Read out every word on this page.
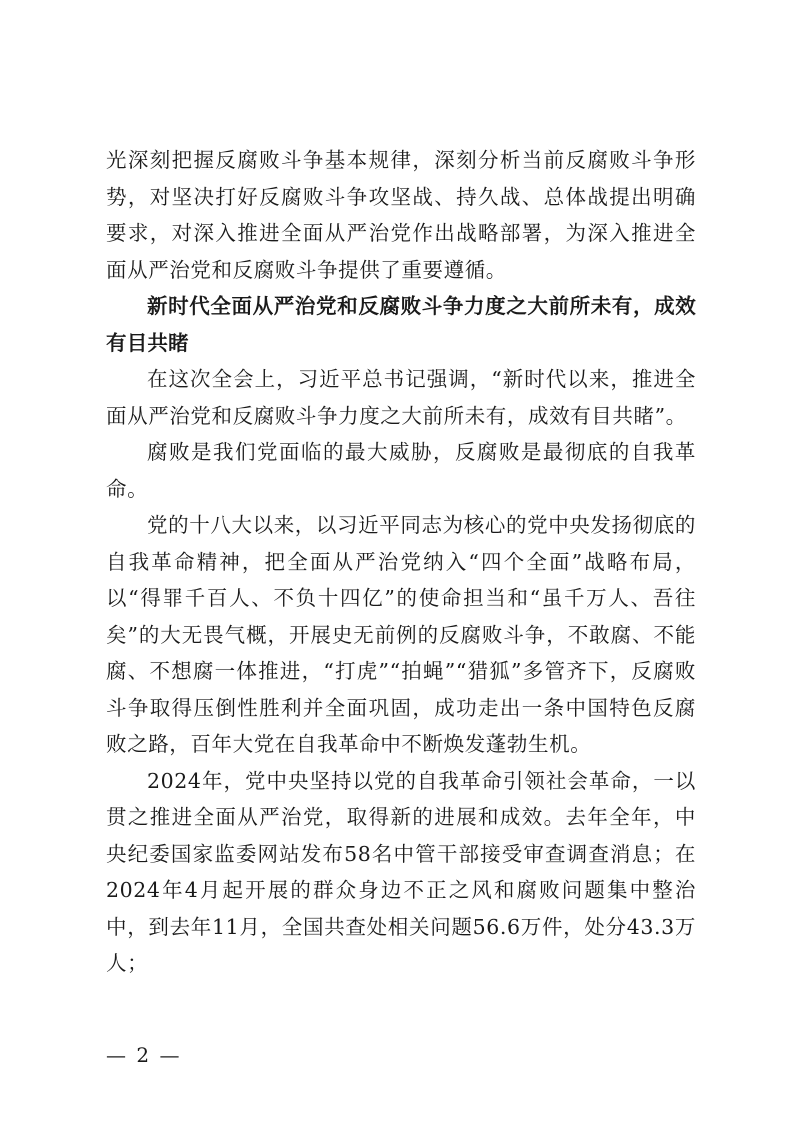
光深刻把握反腐败斗争基本规律，深刻分析当前反腐败斗争形势，对坚决打好反腐败斗争攻坚战、持久战、总体战提出明确要求，对深入推进全面从严治党作出战略部署，为深入推进全面从严治党和反腐败斗争提供了重要遵循。

新时代全面从严治党和反腐败斗争力度之大前所未有，成效有目共睹

在这次全会上，习近平总书记强调，“新时代以来，推进全面从严治党和反腐败斗争力度之大前所未有，成效有目共睹”。

腐败是我们党面临的最大威胁，反腐败是最彻底的自我革命。

党的十八大以来，以习近平同志为核心的党中央发扬彻底的自我革命精神，把全面从严治党纳入“四个全面”战略布局，以“得罪千百人、不负十四亿”的使命担当和“虽千万人、吾往矣”的大无畏气概，开展史无前例的反腐败斗争，不敢腐、不能腐、不想腐一体推进，“打虎”“拍蝇”“猎狐”多管齐下，反腐败斗争取得压倒性胜利并全面巩固，成功走出一条中国特色反腐败之路，百年大党在自我革命中不断焕发蓬勃生机。

2024年，党中央坚持以党的自我革命引领社会革命，一以贯之推进全面从严治党，取得新的进展和成效。去年全年，中央纪委国家监委网站发布58名中管干部接受审查调查消息；在2024年4月起开展的群众身边不正之风和腐败问题集中整治中，到去年11月，全国共查处相关问题56.6万件，处分43.3万人；

— 2 —
